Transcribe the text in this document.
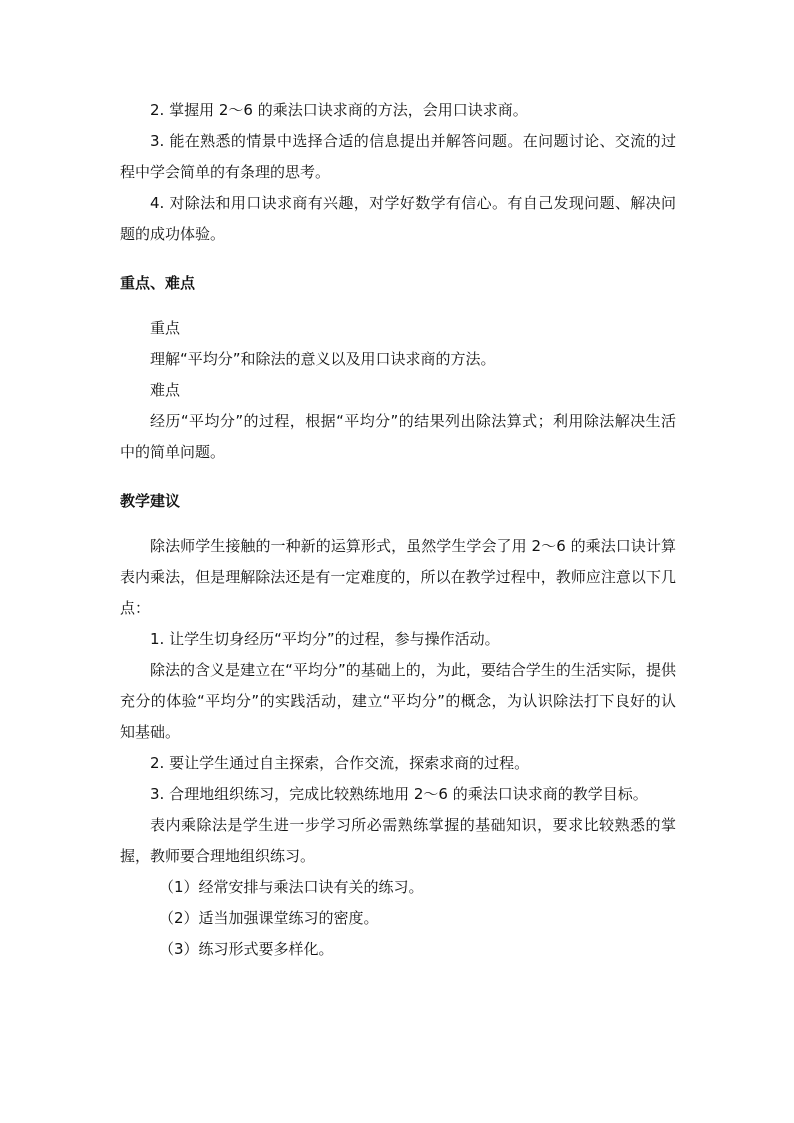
2. 掌握用 2～6 的乘法口诀求商的方法，会用口诀求商。

3. 能在熟悉的情景中选择合适的信息提出并解答问题。在问题讨论、交流的过程中学会简单的有条理的思考。

4. 对除法和用口诀求商有兴趣，对学好数学有信心。有自己发现问题、解决问题的成功体验。

重点、难点

重点

理解“平均分”和除法的意义以及用口诀求商的方法。

难点

经历“平均分”的过程，根据“平均分”的结果列出除法算式；利用除法解决生活中的简单问题。

教学建议

除法师学生接触的一种新的运算形式，虽然学生学会了用 2～6 的乘法口诀计算表内乘法，但是理解除法还是有一定难度的，所以在教学过程中，教师应注意以下几点：

1. 让学生切身经历“平均分”的过程，参与操作活动。

除法的含义是建立在“平均分”的基础上的，为此，要结合学生的生活实际，提供充分的体验“平均分”的实践活动，建立“平均分”的概念，为认识除法打下良好的认知基础。

2. 要让学生通过自主探索，合作交流，探索求商的过程。

3. 合理地组织练习，完成比较熟练地用 2～6 的乘法口诀求商的教学目标。

表内乘除法是学生进一步学习所必需熟练掌握的基础知识，要求比较熟悉的掌握，教师要合理地组织练习。

（1）经常安排与乘法口诀有关的练习。

（2）适当加强课堂练习的密度。

（3）练习形式要多样化。
